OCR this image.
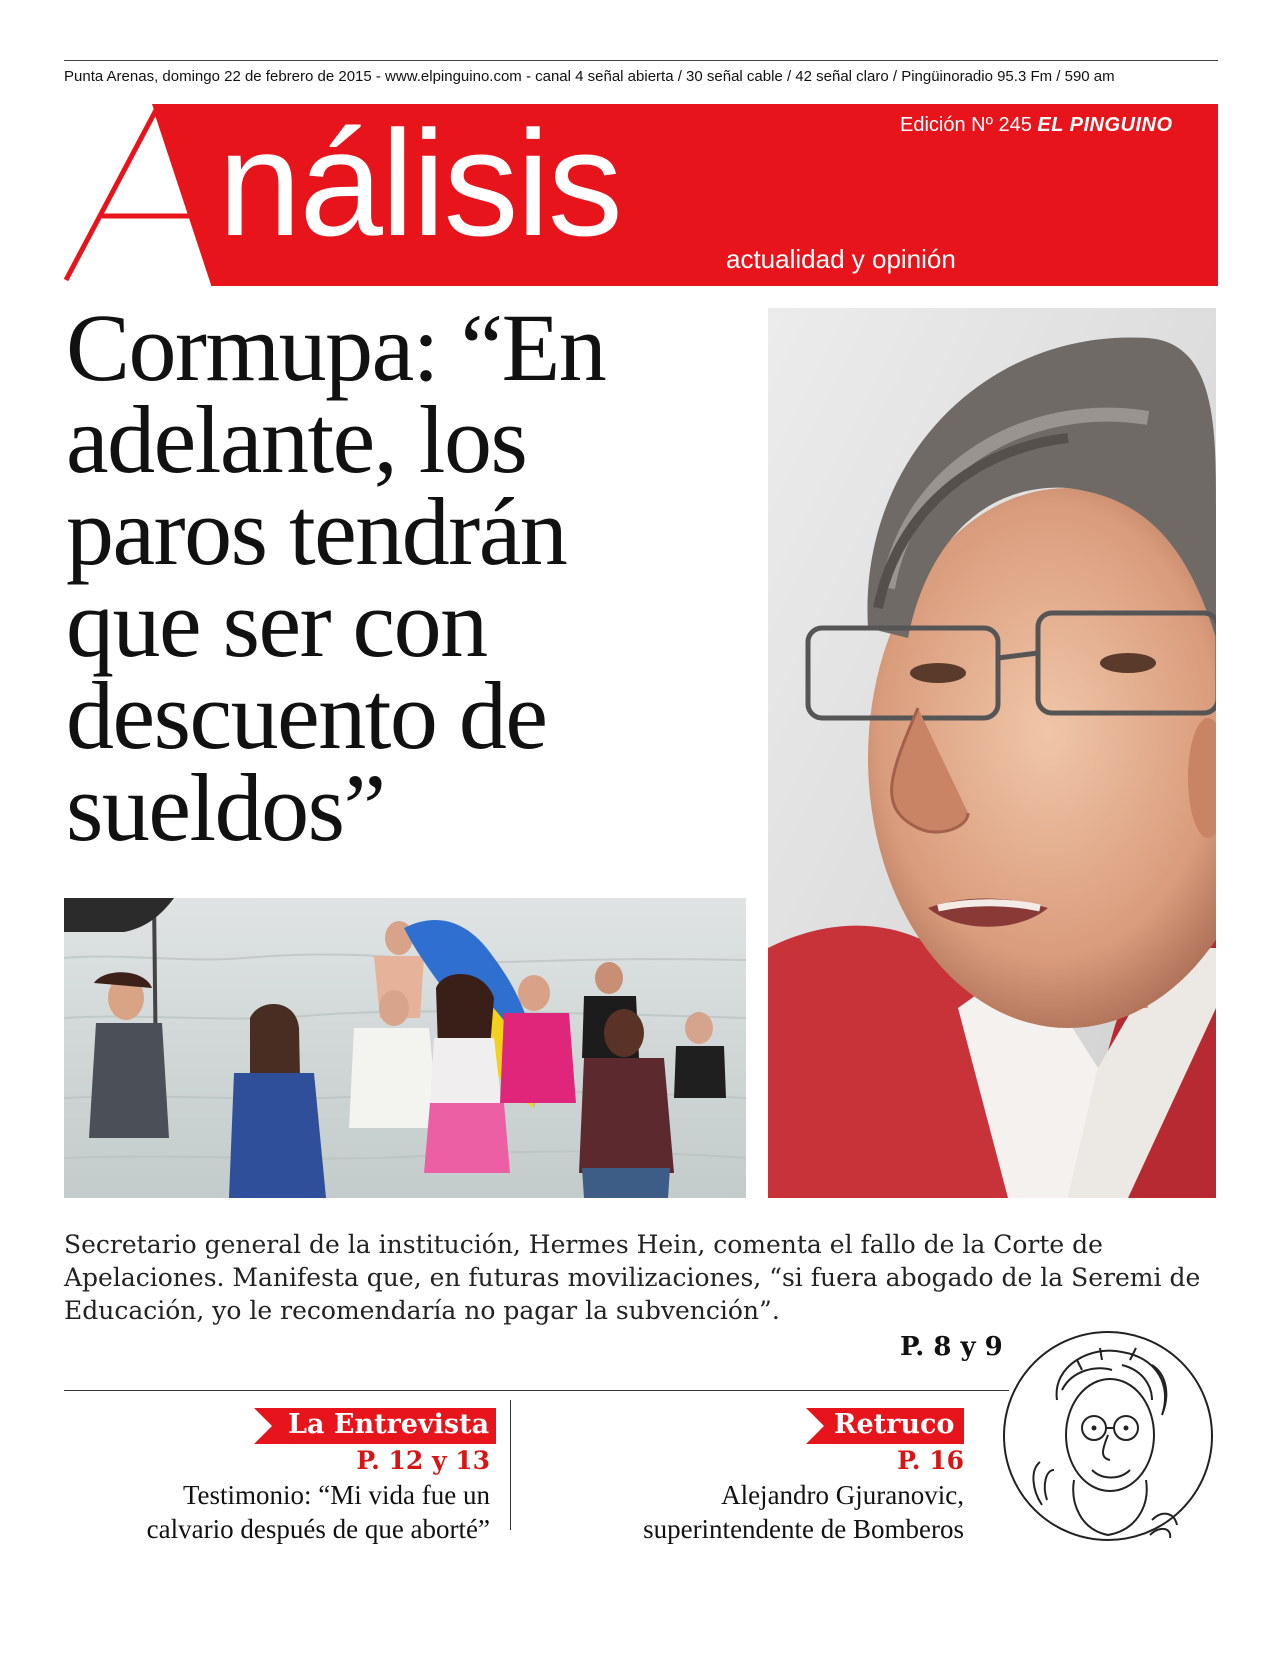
Punta Arenas, domingo 22 de febrero de 2015 - www.elpinguino.com - canal 4 señal abierta / 30 señal cable / 42 señal claro / Pingüinoradio 95.3 Fm / 590 am
Edición Nº 245 EL PINGUINO
nálisis	actualidad y opinión
Cormupa: “En adelante, los paros tendrán que ser con descuento de sueldos”
Secretario general de la institución, Hermes Hein, comenta el fallo de la Corte de Apelaciones. Manifesta que, en futuras movilizaciones, “si fuera abogado de la Seremi de Educación, yo le recomendaría no pagar la subvención”.
P. 8 y 9
La Entrevista
P. 12 y 13
Testimonio: “Mi vida fue un
calvario después de que aborté”
Retruco
P. 16
Alejandro Gjuranovic,
superintendente de Bomberos
